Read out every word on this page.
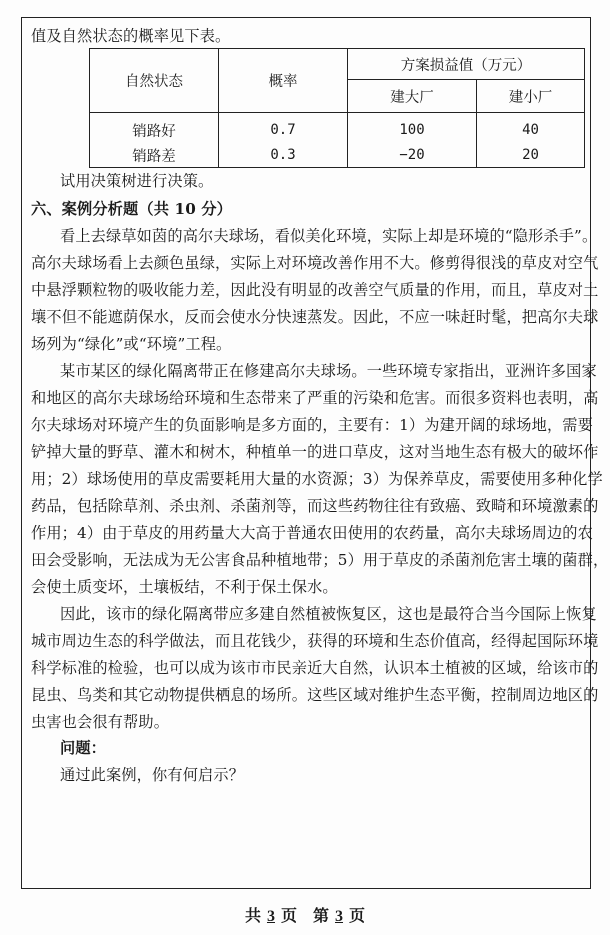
值及自然状态的概率见下表。
自然状态	概率	方案损益值（万元）	
		建大厂	建小厂
销路好	0.7	100	40
销路差	0.3	−20	20
试用决策树进行决策。
六、案例分析题（共 10 分）
看上去绿草如茵的高尔夫球场，看似美化环境，实际上却是环境的“隐形杀手”。
高尔夫球场看上去颜色虽绿，实际上对环境改善作用不大。修剪得很浅的草皮对空气
中悬浮颗粒物的吸收能力差，因此没有明显的改善空气质量的作用，而且，草皮对土
壤不但不能遮荫保水，反而会使水分快速蒸发。因此，不应一味赶时髦，把高尔夫球
场列为“绿化”或“环境”工程。
某市某区的绿化隔离带正在修建高尔夫球场。一些环境专家指出，亚洲许多国家
和地区的高尔夫球场给环境和生态带来了严重的污染和危害。而很多资料也表明，高
尔夫球场对环境产生的负面影响是多方面的，主要有：1）为建开阔的球场地，需要
铲掉大量的野草、灌木和树木，种植单一的进口草皮，这对当地生态有极大的破坏作
用；2）球场使用的草皮需要耗用大量的水资源；3）为保养草皮，需要使用多种化学
药品，包括除草剂、杀虫剂、杀菌剂等，而这些药物往往有致癌、致畸和环境激素的
作用；4）由于草皮的用药量大大高于普通农田使用的农药量，高尔夫球场周边的农
田会受影响，无法成为无公害食品种植地带；5）用于草皮的杀菌剂危害土壤的菌群，
会使土质变坏，土壤板结，不利于保土保水。
因此，该市的绿化隔离带应多建自然植被恢复区，这也是最符合当今国际上恢复
城市周边生态的科学做法，而且花钱少，获得的环境和生态价值高，经得起国际环境
科学标准的检验，也可以成为该市市民亲近大自然，认识本土植被的区域，给该市的
昆虫、鸟类和其它动物提供栖息的场所。这些区域对维护生态平衡，控制周边地区的
虫害也会很有帮助。
问题：
通过此案例，你有何启示？
共 3 页 第 3 页
